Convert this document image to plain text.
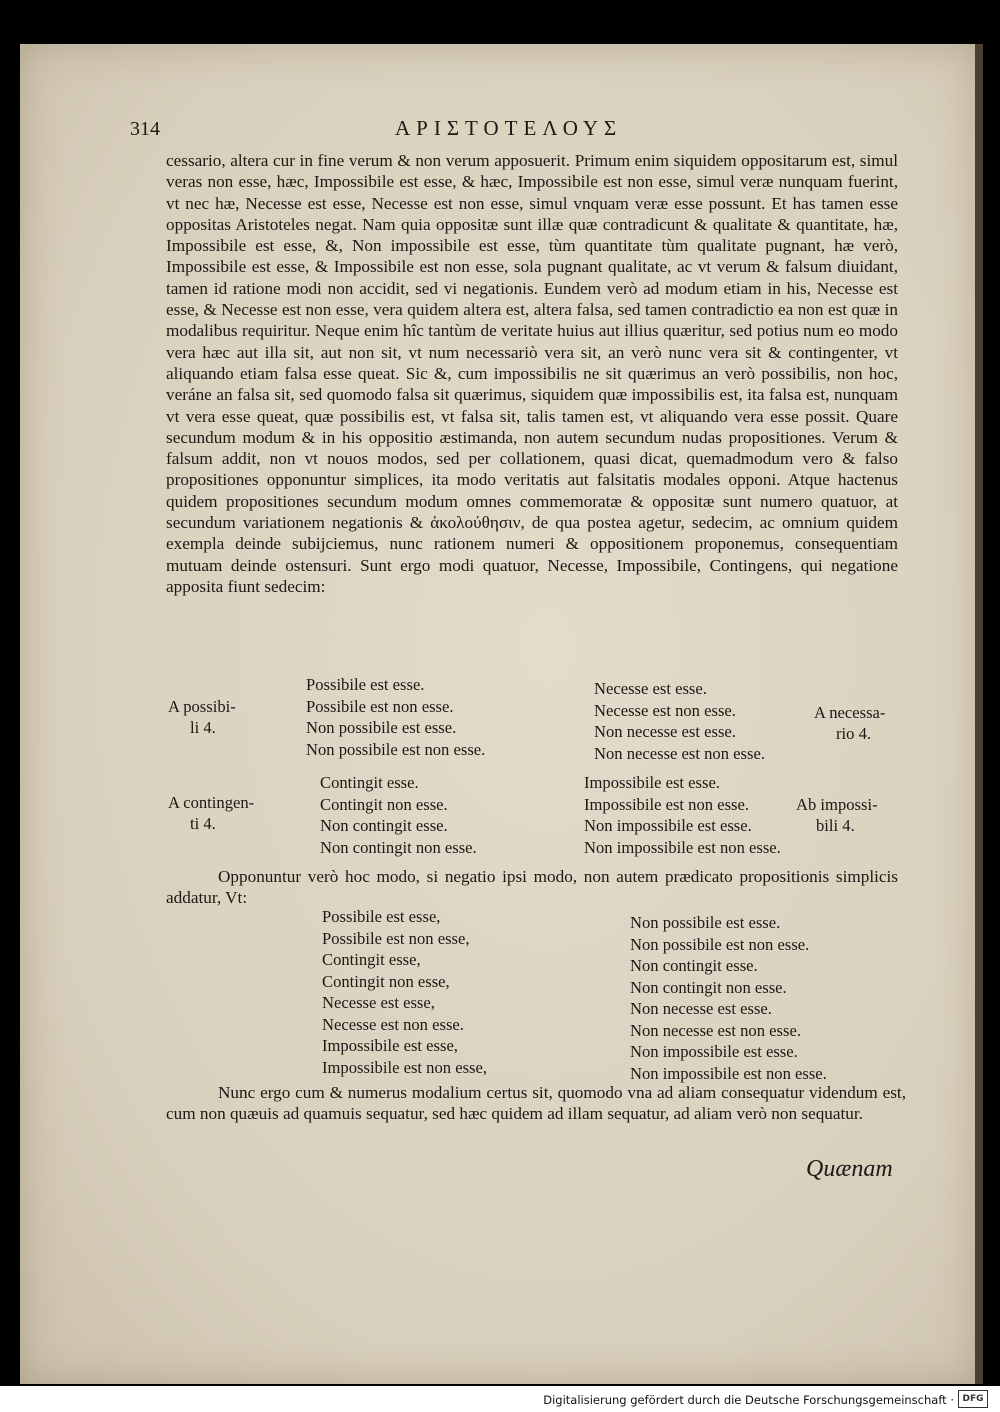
314	ΑΡΙΣΤΟΤΕΛΟΥΣ
cessario, altera cur in fine verum & non verum apposuerit. Primum enim siquidem oppositarum est, simul veras non esse, hæc, Impossibile est esse, & hæc, Impossibile est non esse, simul veræ nunquam fuerint, vt nec hæ, Necesse est esse, Necesse est non esse, simul vnquam veræ esse possunt. Et has tamen esse oppositas Aristoteles negat. Nam quia oppositæ sunt illæ quæ contradicunt & qualitate & quantitate, hæ, Impossibile est esse, &, Non impossibile est esse, tùm quantitate tùm qualitate pugnant, hæ verò, Impossibile est esse, & Impossibile est non esse, sola pugnant qualitate, ac vt verum & falsum diuidant, tamen id ratione modi non accidit, sed vi negationis. Eundem verò ad modum etiam in his, Necesse est esse, & Necesse est non esse, vera quidem altera est, altera falsa, sed tamen contradictio ea non est quæ in modalibus requiritur. Neque enim hîc tantùm de veritate huius aut illius quæritur, sed potius num eo modo vera hæc aut illa sit, aut non sit, vt num necessariò vera sit, an verò nunc vera sit & contingenter, vt aliquando etiam falsa esse queat. Sic &, cum impossibilis ne sit quærimus an verò possibilis, non hoc, veráne an falsa sit, sed quomodo falsa sit quærimus, siquidem quæ impossibilis est, ita falsa est, nunquam vt vera esse queat, quæ possibilis est, vt falsa sit, talis tamen est, vt aliquando vera esse possit. Quare secundum modum & in his oppositio æstimanda, non autem secundum nudas propositiones. Verum & falsum addit, non vt nouos modos, sed per collationem, quasi dicat, quemadmodum vero & falso propositiones opponuntur simplices, ita modo veritatis aut falsitatis modales opponi. Atque hactenus quidem propositiones secundum modum omnes commemoratæ & oppositæ sunt numero quatuor, at secundum variationem negationis & ἀκολούθησιν, de qua postea agetur, sedecim, ac omnium quidem exempla deinde subijciemus, nunc rationem numeri & oppositionem proponemus, consequentiam mutuam deinde ostensuri. Sunt ergo modi quatuor, Necesse, Impossibile, Contingens, qui negatione apposita fiunt sedecim:
A possibi-
li 4.
Possibile est esse.
Possibile est non esse.
Non possibile est esse.
Non possibile est non esse.
Necesse est esse.
Necesse est non esse.
Non necesse est esse.
Non necesse est non esse.
A necessa-
rio 4.
A contingen-
ti 4.
Contingit esse.
Contingit non esse.
Non contingit esse.
Non contingit non esse.
Impossibile est esse.
Impossibile est non esse.
Non impossibile est esse.
Non impossibile est non esse.
Ab impossi-
bili 4.
Opponuntur verò hoc modo, si negatio ipsi modo, non autem prædicato propositionis simplicis addatur, Vt:
Possibile est esse,
Possibile est non esse,
Contingit esse,
Contingit non esse,
Necesse est esse,
Necesse est non esse.
Impossibile est esse,
Impossibile est non esse,
Non possibile est esse.
Non possibile est non esse.
Non contingit esse.
Non contingit non esse.
Non necesse est esse.
Non necesse est non esse.
Non impossibile est esse.
Non impossibile est non esse.
Nunc ergo cum & numerus modalium certus sit, quomodo vna ad aliam consequatur videndum est, cum non quæuis ad quamuis sequatur, sed hæc quidem ad illam sequatur, ad aliam verò non sequatur.
Quænam
Digitalisierung gefördert durch die Deutsche Forschungsgemeinschaft · DFG
